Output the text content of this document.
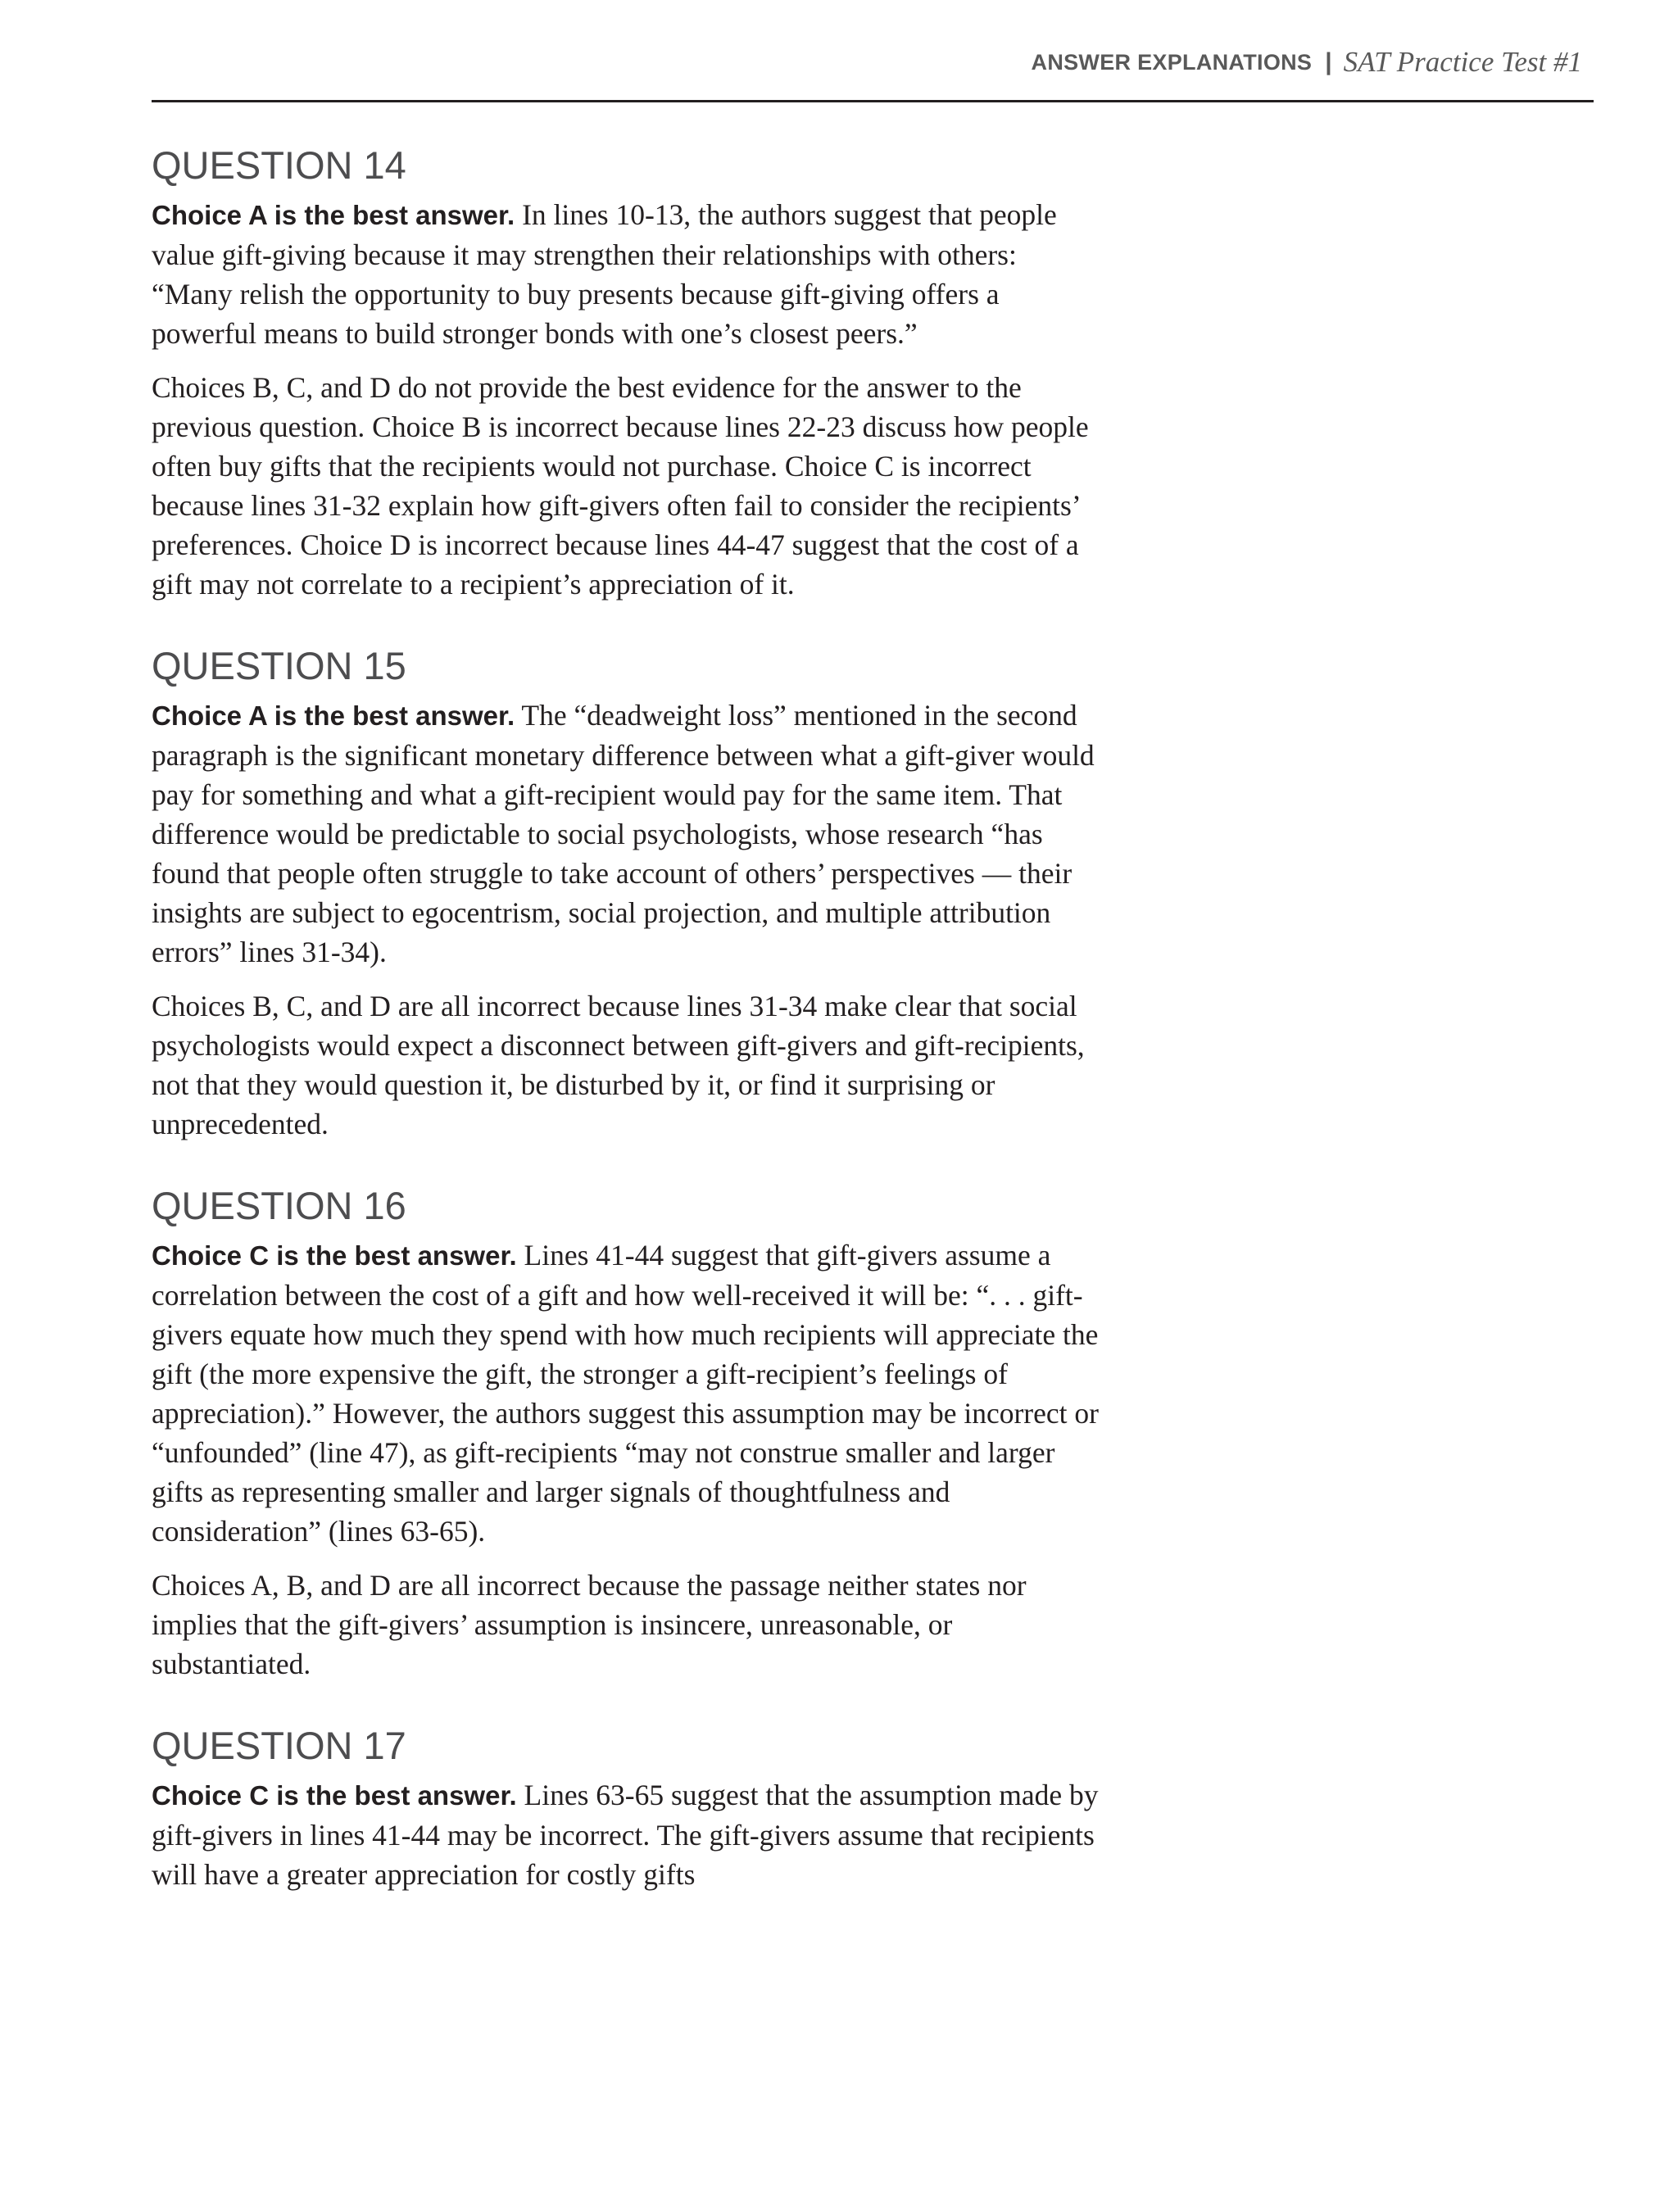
ANSWER EXPLANATIONS | SAT Practice Test #1
QUESTION 14

Choice A is the best answer. In lines 10-13, the authors suggest that people value gift-giving because it may strengthen their relationships with others: “Many relish the opportunity to buy presents because gift-giving offers a powerful means to build stronger bonds with one’s closest peers.”

Choices B, C, and D do not provide the best evidence for the answer to the previous question. Choice B is incorrect because lines 22-23 discuss how people often buy gifts that the recipients would not purchase. Choice C is incorrect because lines 31-32 explain how gift-givers often fail to consider the recipients’ preferences. Choice D is incorrect because lines 44-47 suggest that the cost of a gift may not correlate to a recipient’s appreciation of it.

QUESTION 15

Choice A is the best answer. The “deadweight loss” mentioned in the second paragraph is the significant monetary difference between what a gift-giver would pay for something and what a gift-recipient would pay for the same item. That difference would be predictable to social psychologists, whose research “has found that people often struggle to take account of others’ perspectives — their insights are subject to egocentrism, social projection, and multiple attribution errors” lines 31-34).

Choices B, C, and D are all incorrect because lines 31-34 make clear that social psychologists would expect a disconnect between gift-givers and gift-recipients, not that they would question it, be disturbed by it, or find it surprising or unprecedented.

QUESTION 16

Choice C is the best answer. Lines 41-44 suggest that gift-givers assume a correlation between the cost of a gift and how well-received it will be: “. . . gift-givers equate how much they spend with how much recipients will appreciate the gift (the more expensive the gift, the stronger a gift-recipient’s feelings of appreciation).” However, the authors suggest this assumption may be incorrect or “unfounded” (line 47), as gift-recipients “may not construe smaller and larger gifts as representing smaller and larger signals of thoughtfulness and consideration” (lines 63-65).

Choices A, B, and D are all incorrect because the passage neither states nor implies that the gift-givers’ assumption is insincere, unreasonable, or substantiated.

QUESTION 17

Choice C is the best answer. Lines 63-65 suggest that the assumption made by gift-givers in lines 41-44 may be incorrect. The gift-givers assume that recipients will have a greater appreciation for costly gifts
